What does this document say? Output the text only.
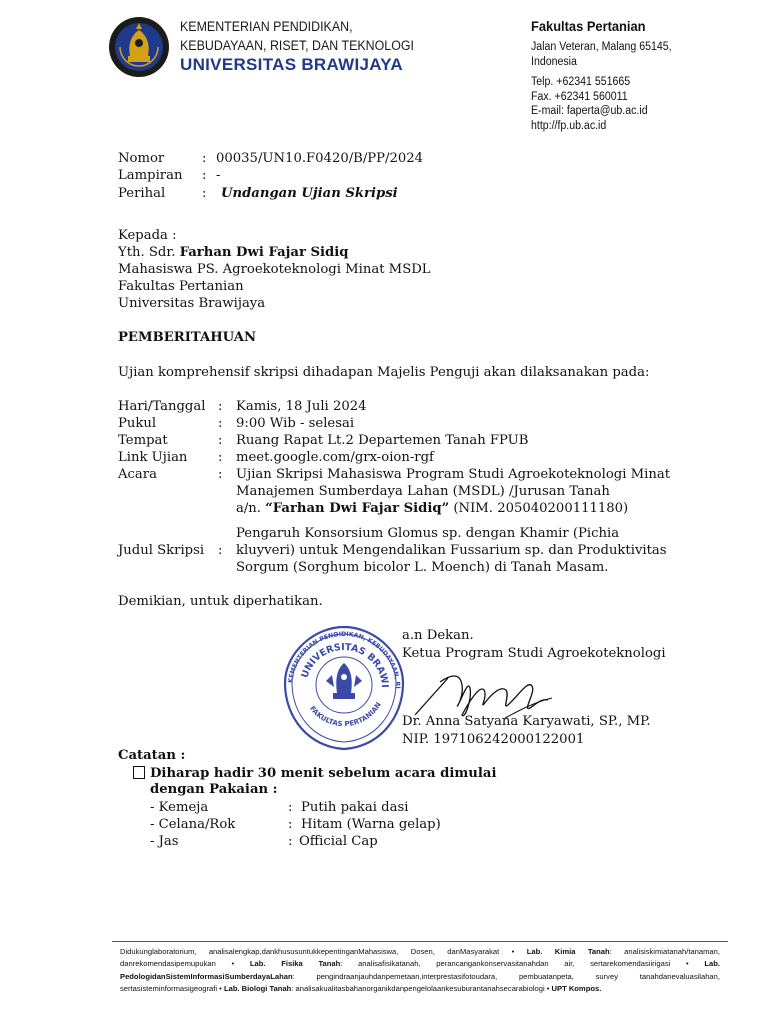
KEMENTERIAN PENDIDIKAN,
KEBUDAYAAN, RISET, DAN TEKNOLOGI
UNIVERSITAS BRAWIJAYA
Fakultas Pertanian
Jalan Veteran, Malang 65145,
Indonesia
Telp. +62341 551665
Fax. +62341 560011
E-mail: faperta@ub.ac.id
http://fp.ub.ac.id
Nomor	: 00035/UN10.F0420/B/PP/2024
Lampiran : -
Perihal	: Undangan Ujian Skripsi
Kepada :
Yth. Sdr. Farhan Dwi Fajar Sidiq
Mahasiswa PS. Agroekoteknologi Minat MSDL
Fakultas Pertanian
Universitas Brawijaya
PEMBERITAHUAN
Ujian komprehensif skripsi dihadapan Majelis Penguji akan dilaksanakan pada:
Hari/Tanggal : Kamis, 18 Juli 2024
Pukul	: 9:00 Wib - selesai
Tempat	: Ruang Rapat Lt.2 Departemen Tanah FPUB
Link Ujian : meet.google.com/grx-oion-rgf
Acara	: Ujian Skripsi Mahasiswa Program Studi Agroekoteknologi Minat Manajemen Sumberdaya Lahan (MSDL) /Jurusan Tanah
a/n. “Farhan Dwi Fajar Sidiq” (NIM. 205040200111180)
Judul Skripsi :
Pengaruh Konsorsium Glomus sp. dengan Khamir (Pichia
kluyveri) untuk Mengendalikan Fussarium sp. dan Produktivitas
Sorgum (Sorghum bicolor L. Moench) di Tanah Masam.
Demikian, untuk diperhatikan.
KEMENTERIAN PENDIDIKAN, KEBUDAYAAN, RI
UNIVERSITAS BRAWI
FAKULTAS PERTANIAN
a.n Dekan.
Ketua Program Studi Agroekoteknologi
Dr. Anna Satyana Karyawati, SP., MP.
NIP. 197106242000122001
Catatan :
Diharap hadir 30 menit sebelum acara dimulai
dengan Pakaian :
- Kemeja	: Putih pakai dasi
- Celana/Rok	: Hitam (Warna gelap)
- Jas	: Official Cap
Didukunglaboratorium, analisalengkap,dankhususuntukkepentinganMahasiswa, Dosen, danMasyarakat • Lab. Kimia Tanah: analisiskimiatanah/tanaman, danrekomendasipemupukan • Lab. Fisika Tanah: analisafisikatanah, perancangankonservasitanahdan air, sertarekomendasiirigasi • Lab. PedologidanSistemInformasiSumberdayaLahan: pengindraanjauhdanpemetaan,interprestasifotoudara, pembuatanpeta, survey tanahdanevaluasilahan, sertasisteminformasigeografi • Lab. Biologi Tanah: analisakualitasbahanorganikdanpengelolaankesuburantanahsecarabiologi • UPT Kompos.
